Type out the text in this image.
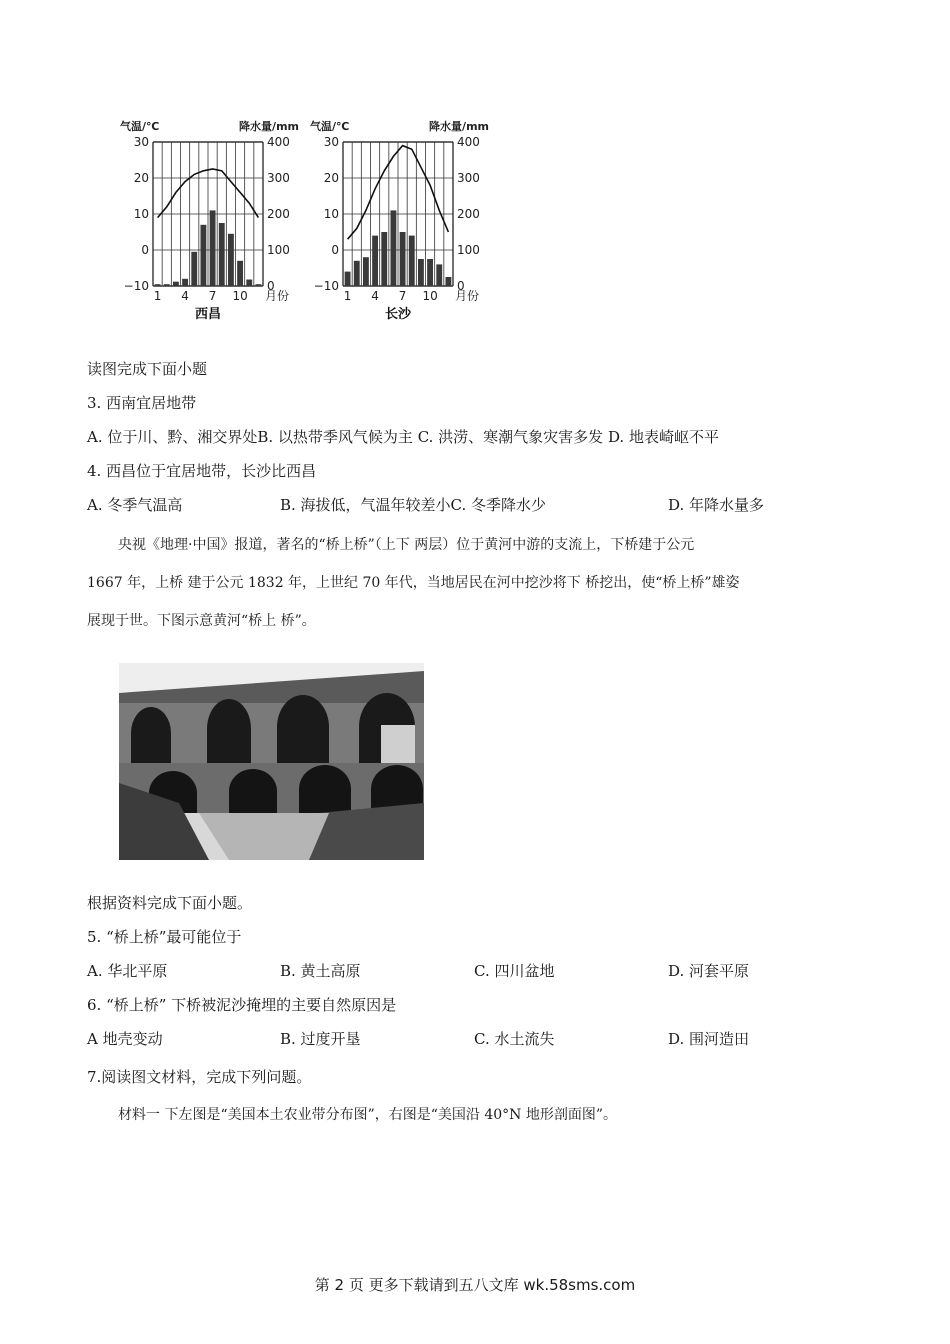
30
20
10
0
−10
400
300
200
100
0
气温/℃	降水量/mm
1 4 7 10 月份
西昌
30
20
10
0
−10
400
300
200
100
0
气温/℃	降水量/mm
1 4 7 10 月份
长沙
读图完成下面小题
3. 西南宜居地带
A. 位于川、黔、湘交界处B. 以热带季风气候为主 C. 洪涝、寒潮气象灾害多发 D. 地表崎岖不平
4. 西昌位于宜居地带，长沙比西昌
A. 冬季气温高	B. 海拔低，气温年较差小C. 冬季降水少	D. 年降水量多
央视《地理·中国》报道，著名的“桥上桥”（上下 两层）位于黄河中游的支流上，下桥建于公元
1667 年，上桥 建于公元 1832 年，上世纪 70 年代，当地居民在河中挖沙将下 桥挖出，使“桥上桥”雄姿
展现于世。下图示意黄河“桥上 桥”。
根据资料完成下面小题。
5. “桥上桥”最可能位于
A. 华北平原	B. 黄土高原	C. 四川盆地	D. 河套平原
6. “桥上桥” 下桥被泥沙掩埋的主要自然原因是
A 地壳变动	B. 过度开垦	C. 水土流失	D. 围河造田
7.阅读图文材料，完成下列问题。
材料一 下左图是“美国本土农业带分布图”，右图是“美国沿 40°N 地形剖面图”。
第 2 页 更多下载请到五八文库 wk.58sms.com
